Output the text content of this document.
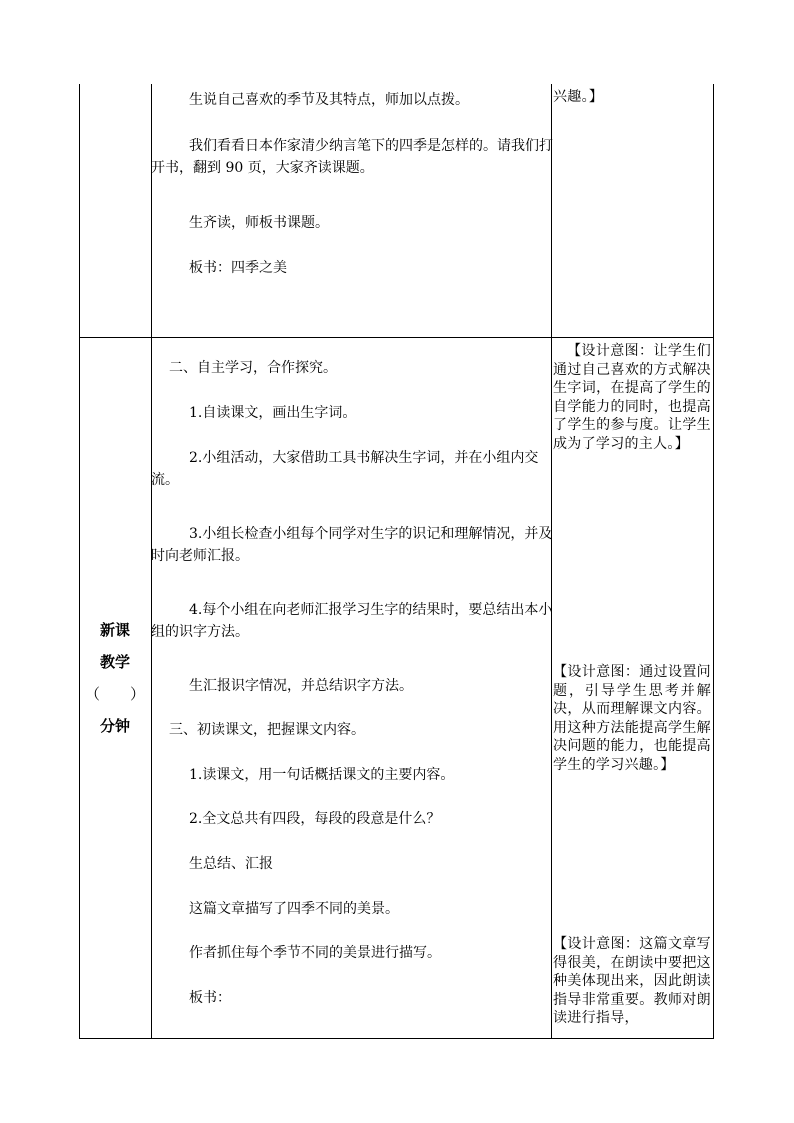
生说自己喜欢的季节及其特点，师加以点拨。

我们看看日本作家清少纳言笔下的四季是怎样的。请我们打开书，翻到 90 页，大家齐读课题。

生齐读，师板书课题。

板书：四季之美

兴趣。】

新课
教学
（　　）
分钟

二、自主学习，合作探究。

1.自读课文，画出生字词。

2.小组活动，大家借助工具书解决生字词，并在小组内交流。

3.小组长检查小组每个同学对生字的识记和理解情况，并及时向老师汇报。

4.每个小组在向老师汇报学习生字的结果时，要总结出本小组的识字方法。

生汇报识字情况，并总结识字方法。

三、初读课文，把握课文内容。

1.读课文，用一句话概括课文的主要内容。

2.全文总共有四段，每段的段意是什么？

生总结、汇报

这篇文章描写了四季不同的美景。

作者抓住每个季节不同的美景进行描写。

板书：

【设计意图：让学生们通过自己喜欢的方式解决生字词，在提高了学生的自学能力的同时，也提高了学生的参与度。让学生成为了学习的主人。】

【设计意图：通过设置问题，引导学生思考并解决，从而理解课文内容。用这种方法能提高学生解决问题的能力，也能提高学生的学习兴趣。】

【设计意图：这篇文章写得很美，在朗读中要把这种美体现出来，因此朗读指导非常重要。教师对朗读进行指导，
